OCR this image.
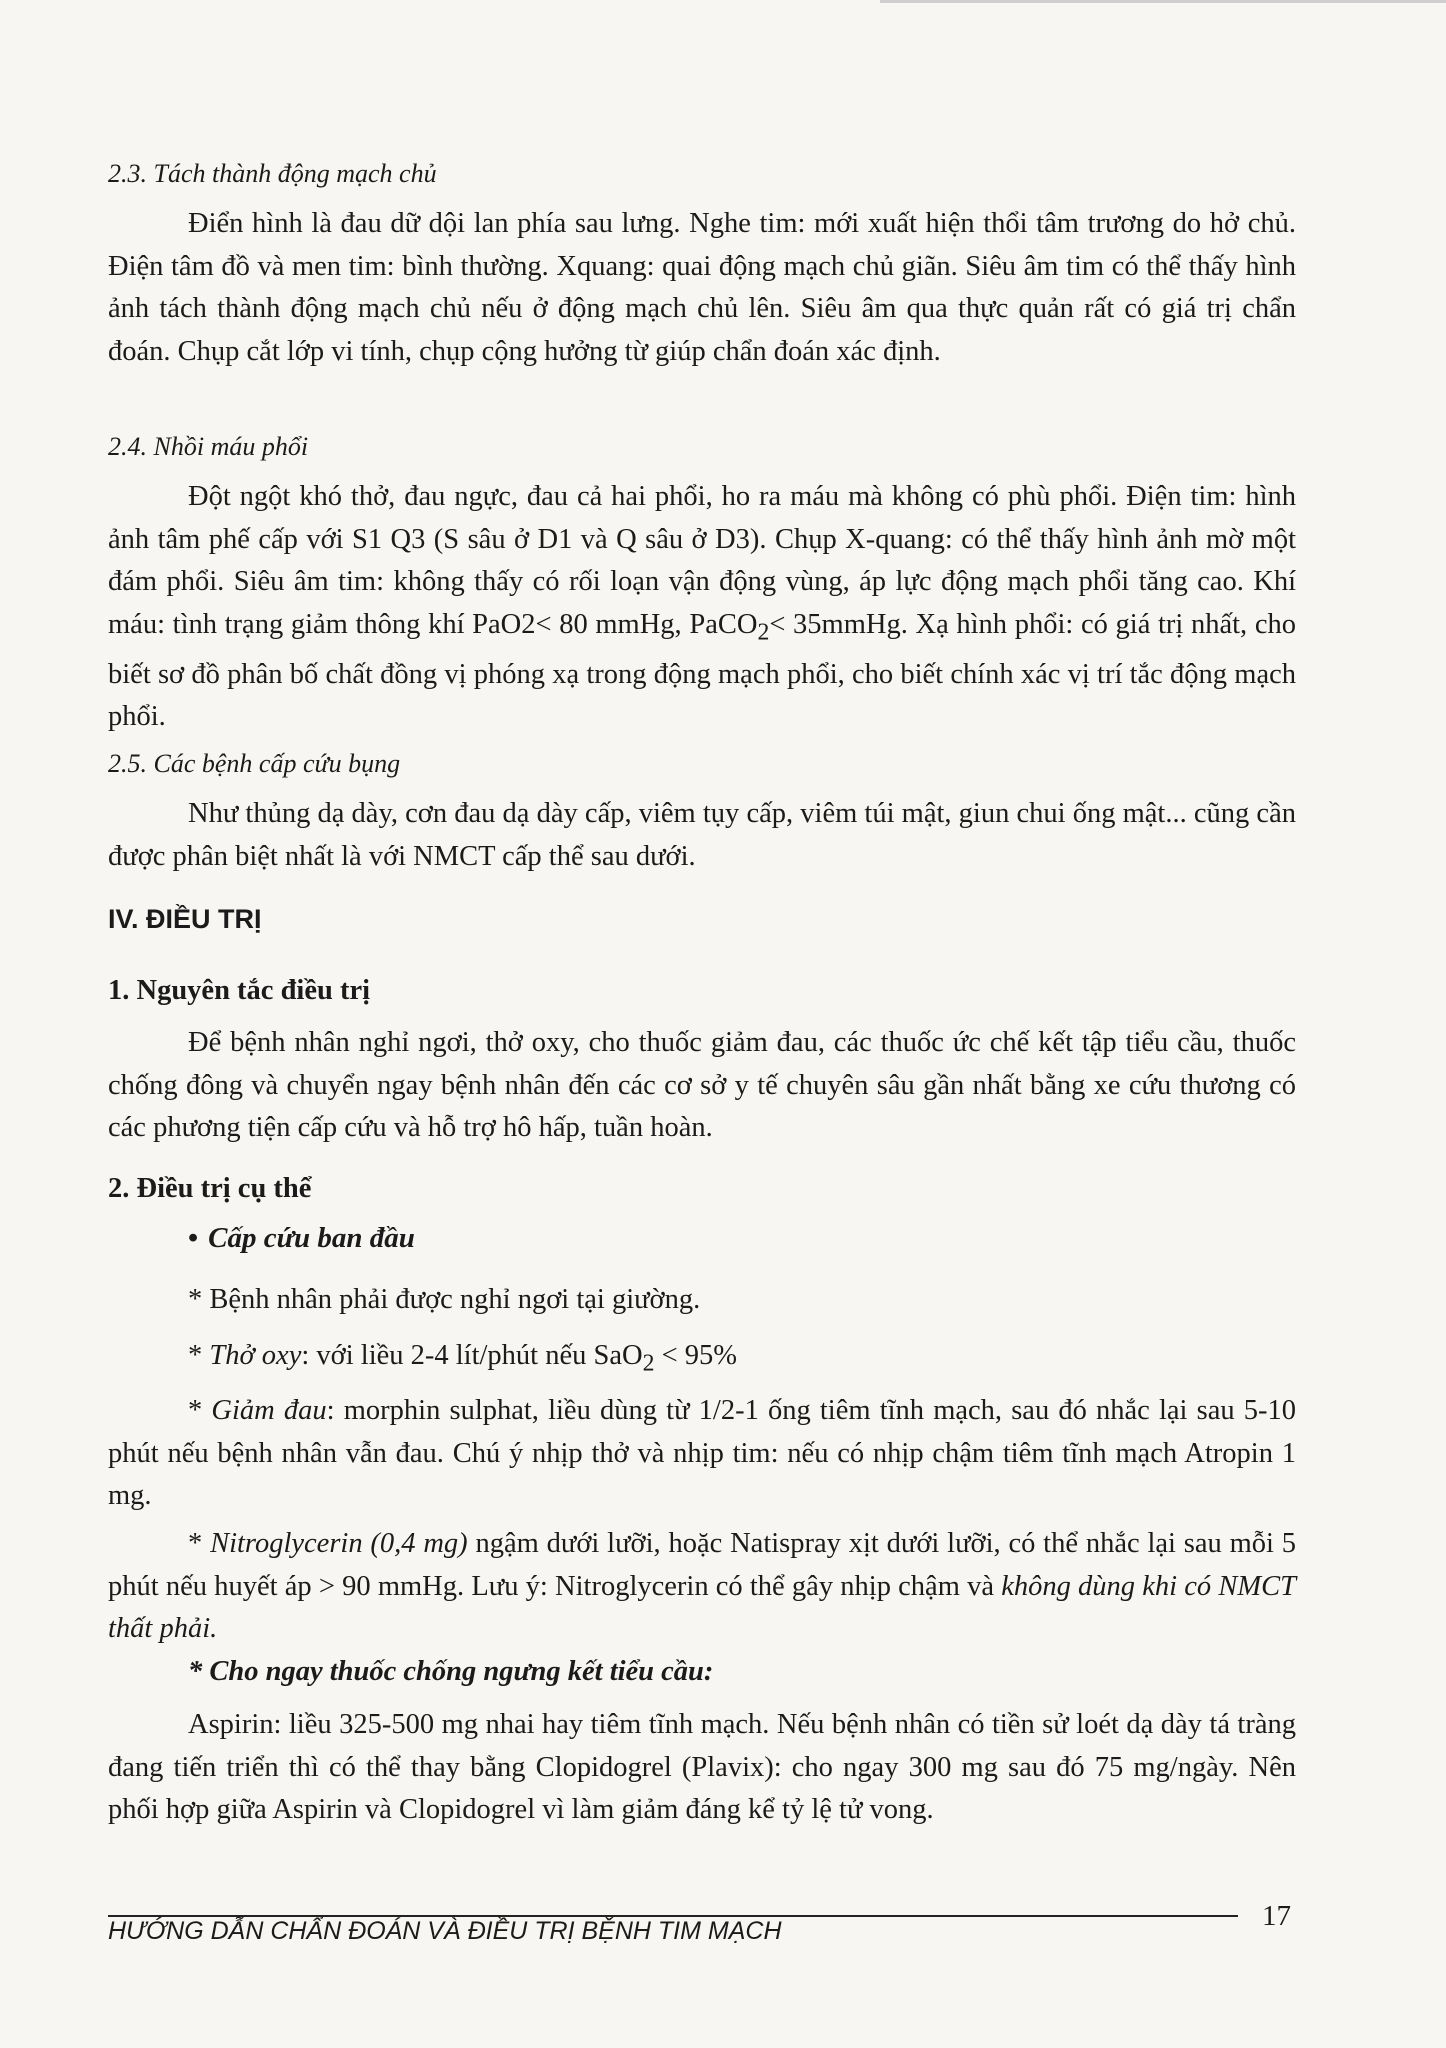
2.3. Tách thành động mạch chủ

Điển hình là đau dữ dội lan phía sau lưng. Nghe tim: mới xuất hiện thổi tâm trương do hở chủ. Điện tâm đồ và men tim: bình thường. Xquang: quai động mạch chủ giãn. Siêu âm tim có thể thấy hình ảnh tách thành động mạch chủ nếu ở động mạch chủ lên. Siêu âm qua thực quản rất có giá trị chẩn đoán. Chụp cắt lớp vi tính, chụp cộng hưởng từ giúp chẩn đoán xác định.

2.4. Nhồi máu phổi

Đột ngột khó thở, đau ngực, đau cả hai phổi, ho ra máu mà không có phù phổi. Điện tim: hình ảnh tâm phế cấp với S1 Q3 (S sâu ở D1 và Q sâu ở D3). Chụp X-quang: có thể thấy hình ảnh mờ một đám phổi. Siêu âm tim: không thấy có rối loạn vận động vùng, áp lực động mạch phổi tăng cao. Khí máu: tình trạng giảm thông khí PaO2< 80 mmHg, PaCO$_2$< 35mmHg. Xạ hình phổi: có giá trị nhất, cho biết sơ đồ phân bố chất đồng vị phóng xạ trong động mạch phổi, cho biết chính xác vị trí tắc động mạch phổi.

2.5. Các bệnh cấp cứu bụng

Như thủng dạ dày, cơn đau dạ dày cấp, viêm tụy cấp, viêm túi mật, giun chui ống mật... cũng cần được phân biệt nhất là với NMCT cấp thể sau dưới.

IV. ĐIỀU TRỊ
1. Nguyên tắc điều trị

Để bệnh nhân nghỉ ngơi, thở oxy, cho thuốc giảm đau, các thuốc ức chế kết tập tiểu cầu, thuốc chống đông và chuyển ngay bệnh nhân đến các cơ sở y tế chuyên sâu gần nhất bằng xe cứu thương có các phương tiện cấp cứu và hỗ trợ hô hấp, tuần hoàn.

2. Điều trị cụ thể
• Cấp cứu ban đầu

* Bệnh nhân phải được nghỉ ngơi tại giường.

* Thở oxy: với liều 2-4 lít/phút nếu SaO$_2$ < 95%

* Giảm đau: morphin sulphat, liều dùng từ 1/2-1 ống tiêm tĩnh mạch, sau đó nhắc lại sau 5-10 phút nếu bệnh nhân vẫn đau. Chú ý nhịp thở và nhịp tim: nếu có nhịp chậm tiêm tĩnh mạch Atropin 1 mg.

* Nitroglycerin (0,4 mg) ngậm dưới lưỡi, hoặc Natispray xịt dưới lưỡi, có thể nhắc lại sau mỗi 5 phút nếu huyết áp > 90 mmHg. Lưu ý: Nitroglycerin có thể gây nhịp chậm và không dùng khi có NMCT thất phải.

* Cho ngay thuốc chống ngưng kết tiểu cầu:

Aspirin: liều 325-500 mg nhai hay tiêm tĩnh mạch. Nếu bệnh nhân có tiền sử loét dạ dày tá tràng đang tiến triển thì có thể thay bằng Clopidogrel (Plavix): cho ngay 300 mg sau đó 75 mg/ngày. Nên phối hợp giữa Aspirin và Clopidogrel vì làm giảm đáng kể tỷ lệ tử vong.

HƯỚNG DẪN CHẨN ĐOÁN VÀ ĐIỀU TRỊ BỆNH TIM MẠCH	17
